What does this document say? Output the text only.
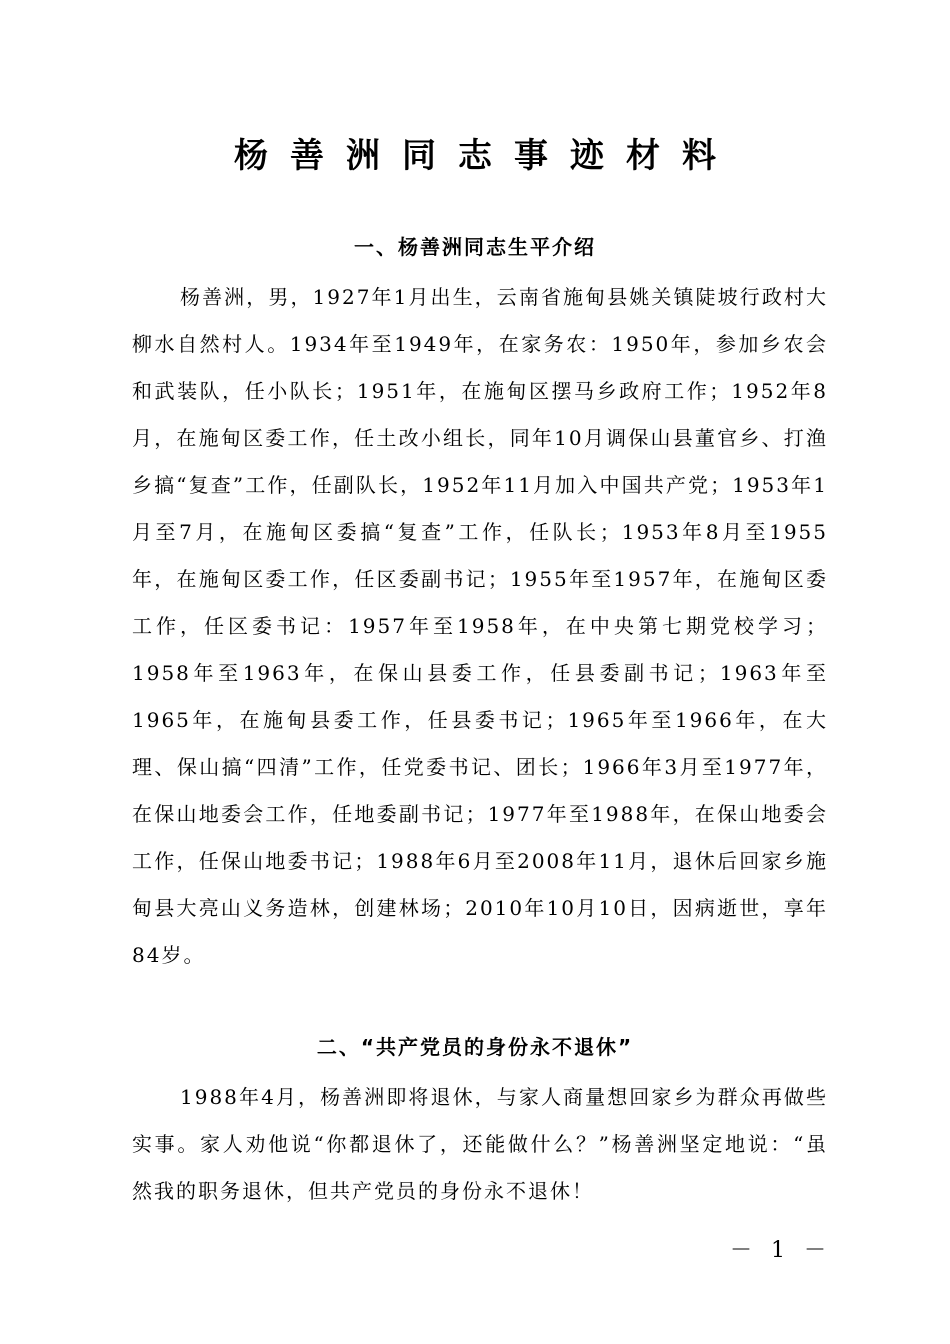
杨善洲同志事迹材料
一、杨善洲同志生平介绍

杨善洲，男，1927年1月出生，云南省施甸县姚关镇陡坡行政村大柳水自然村人。1934年至1949年，在家务农：1950年，参加乡农会和武装队，任小队长；1951年，在施甸区摆马乡政府工作；1952年8月，在施甸区委工作，任土改小组长，同年10月调保山县董官乡、打渔乡搞“复查”工作，任副队长，1952年11月加入中国共产党；1953年1月至7月，在施甸区委搞“复查”工作，任队长；1953年8月至1955年，在施甸区委工作，任区委副书记；1955年至1957年，在施甸区委工作，任区委书记：1957年至1958年，在中央第七期党校学习；1958年至1963年，在保山县委工作，任县委副书记；1963年至1965年，在施甸县委工作，任县委书记；1965年至1966年，在大理、保山搞“四清”工作，任党委书记、团长；1966年3月至1977年，在保山地委会工作，任地委副书记；1977年至1988年，在保山地委会工作，任保山地委书记；1988年6月至2008年11月，退休后回家乡施甸县大亮山义务造林，创建林场；2010年10月10日，因病逝世，享年84岁。

二、“共产党员的身份永不退休”

1988年4月，杨善洲即将退休，与家人商量想回家乡为群众再做些实事。家人劝他说“你都退休了，还能做什么？”杨善洲坚定地说：“虽然我的职务退休，但共产党员的身份永不退休！

－ 1 －
